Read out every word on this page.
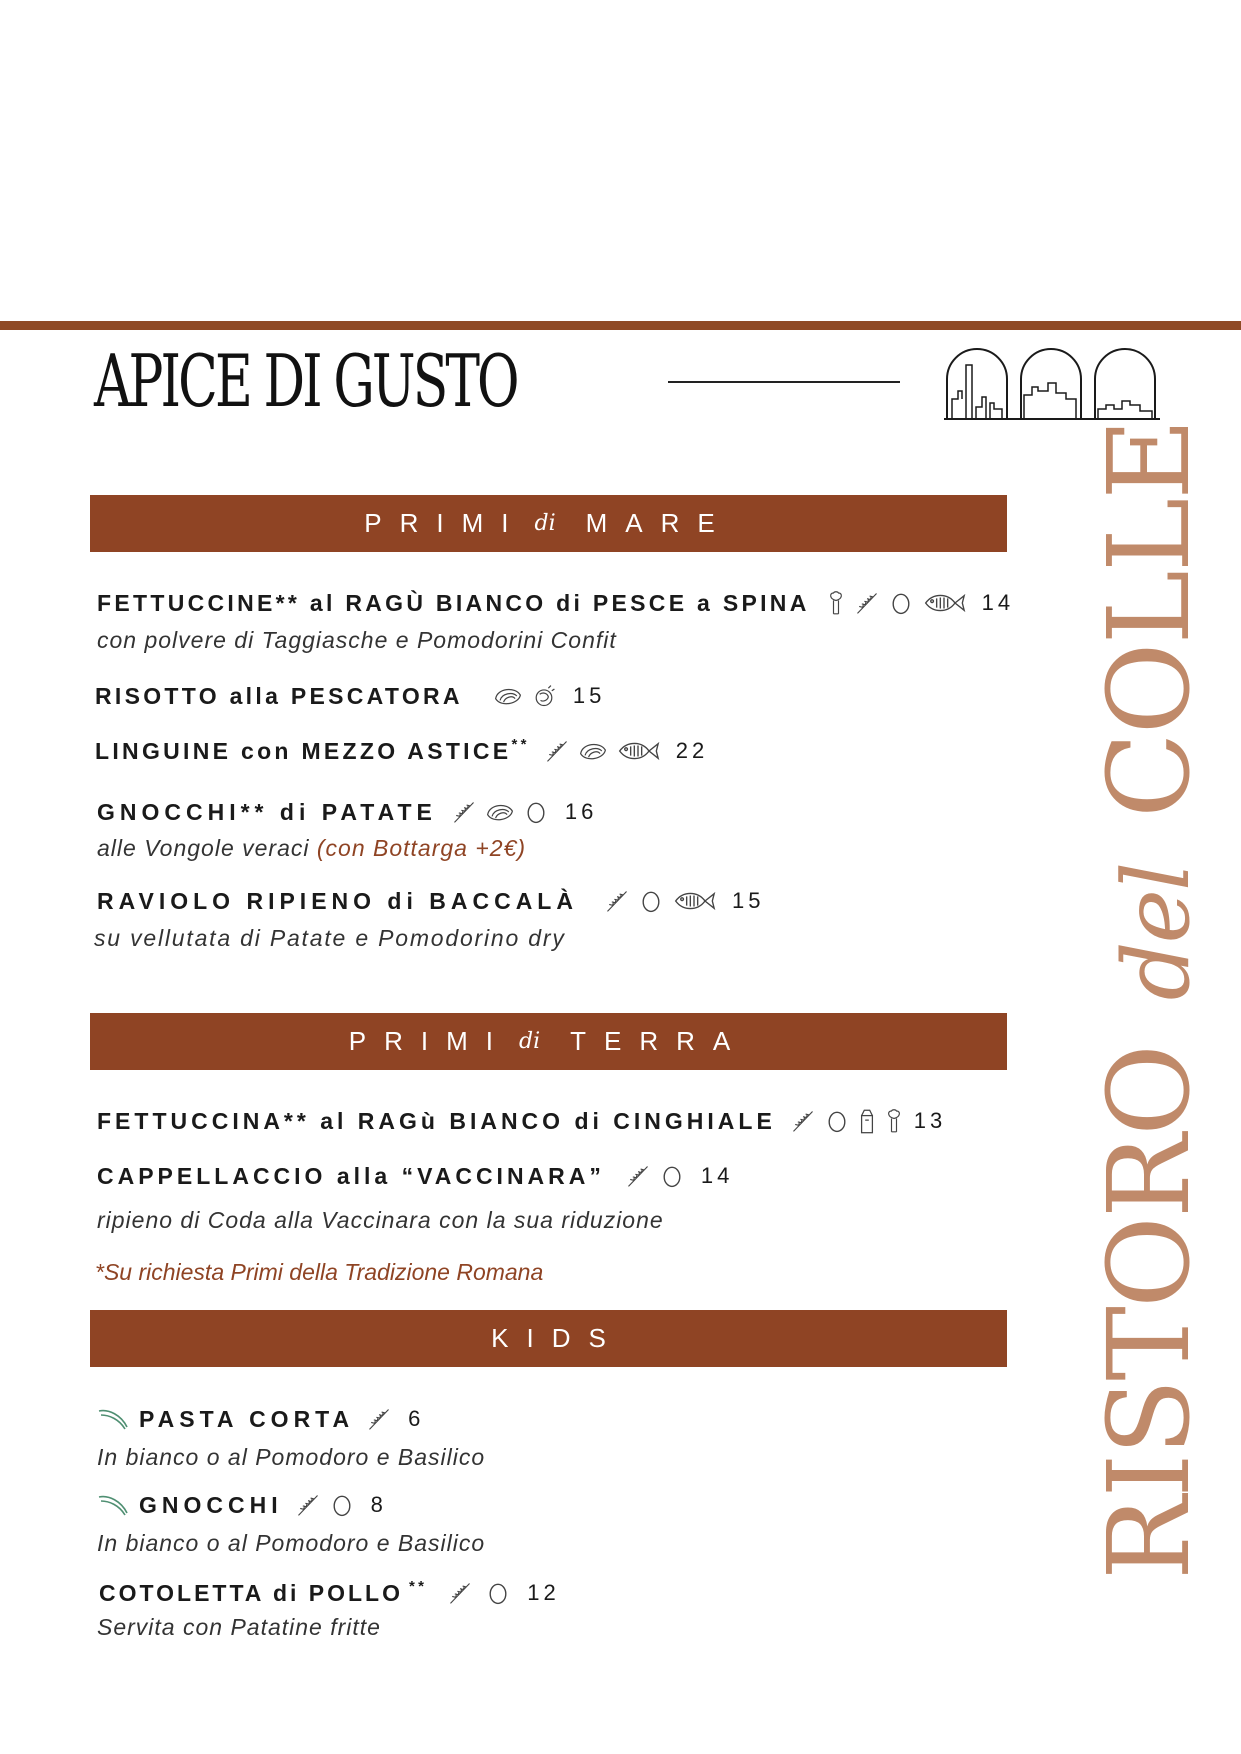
APICE DI GUSTO
RISTORO del COLLE
PRIMI di MARE
FETTUCCINE** al RAGÙ BIANCO di PESCE a SPINA	14
con polvere di Taggiasche e Pomodorini Confit
RISOTTO alla PESCATORA	15
LINGUINE con MEZZO ASTICE **	22
GNOCCHI** di PATATE	16
alle Vongole veraci (con Bottarga +2€)
RAVIOLO RIPIENO di BACCALÀ	15
su vellutata di Patate e Pomodorino dry
PRIMI di TERRA
FETTUCCINA** al RAGù BIANCO di CINGHIALE	13
CAPPELLACCIO alla “VACCINARA”	14
ripieno di Coda alla Vaccinara con la sua riduzione
*Su richiesta Primi della Tradizione Romana
KIDS
PASTA CORTA 6
In bianco o al Pomodoro e Basilico
GNOCCHI	8
In bianco o al Pomodoro e Basilico
COTOLETTA di POLLO **	12
Servita con Patatine fritte
